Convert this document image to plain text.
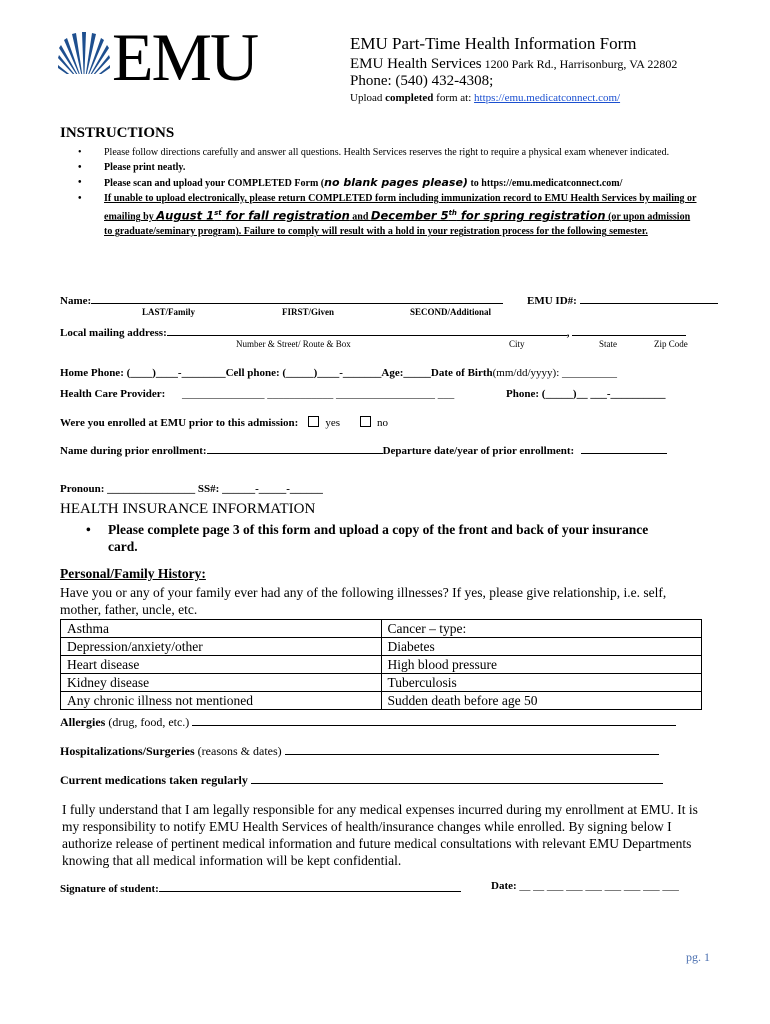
EMU	EMU Part-Time Health Information Form
EMU Health Services 1200 Park Rd., Harrisonburg, VA 22802
Phone: (540) 432-4308;
Upload completed form at: https://emu.medicatconnect.com/
INSTRUCTIONS
• Please follow directions carefully and answer all questions. Health Services reserves the right to require a physical exam whenever indicated.
• Please print neatly.
• Please scan and upload your COMPLETED Form (no blank pages please) to https://emu.medicatconnect.com/
• If unable to upload electronically, please return COMPLETED form including immunization record to EMU Health Services by mailing or emailing by August 1st for fall registration and December 5th for spring registration (or upon admission to graduate/seminary program). Failure to comply will result with a hold in your registration process for the following semester.
Name:	EMU ID#:
LAST/Family	FIRST/Given	SECOND/Additional
Local mailing address:	,
Number & Street/ Route & Box	City	State	Zip Code
Home Phone: (____)____-________Cell phone: (_____)____-_______Age:_____Date of Birth(mm/dd/yyyy): __________
Health Care Provider: _______________ ____________ __________________ ___	Phone: (_____)__ ___-__________
Were you enrolled at EMU prior to this admission: yes	no
Name during prior enrollment:	Departure date/year of prior enrollment:
Pronoun: ________________ SS#: ______-_____-______
HEALTH INSURANCE INFORMATION
•	Please complete page 3 of this form and upload a copy of the front and back of your insurance card.
Personal/Family History:
Have you or any of your family ever had any of the following illnesses? If yes, please give relationship, i.e. self, mother, father, uncle, etc.
Asthma	Cancer – type:
Depression/anxiety/other	Diabetes
Heart disease	High blood pressure
Kidney disease	Tuberculosis
Any chronic illness not mentioned	Sudden death before age 50
Allergies (drug, food, etc.)
Hospitalizations/Surgeries (reasons & dates)
Current medications taken regularly
I fully understand that I am legally responsible for any medical expenses incurred during my enrollment at EMU. It is my responsibility to notify EMU Health Services of health/insurance changes while enrolled. By signing below I authorize release of pertinent medical information and future medical consultations with relevant EMU Departments knowing that all medical information will be kept confidential.
Signature of student:	Date: __ __ ___ ___ ___ ___ ___ ___ ___
pg. 1
